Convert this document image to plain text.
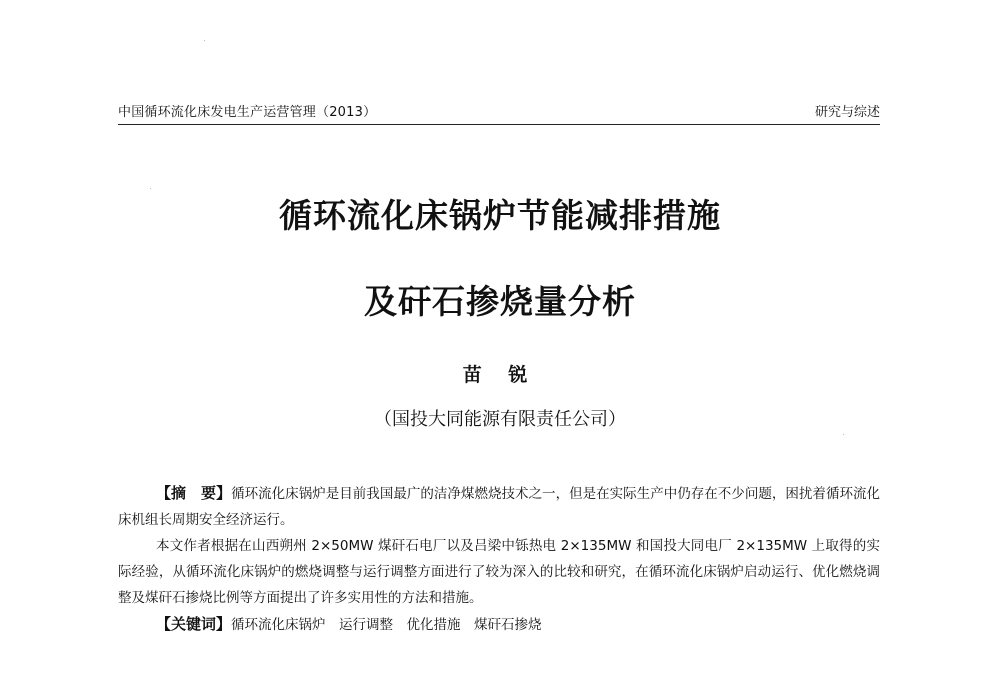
中国循环流化床发电生产运营管理（2013）	研究与综述
循环流化床锅炉节能减排措施
及矸石掺烧量分析
苗 锐
（国投大同能源有限责任公司）

【摘　要】循环流化床锅炉是目前我国最广的洁净煤燃烧技术之一，但是在实际生产中仍存在不少问题，困扰着循环流化床机组长周期安全经济运行。

本文作者根据在山西朔州 2×50MW 煤矸石电厂以及吕梁中铄热电 2×135MW 和国投大同电厂 2×135MW 上取得的实际经验，从循环流化床锅炉的燃烧调整与运行调整方面进行了较为深入的比较和研究，在循环流化床锅炉启动运行、优化燃烧调整及煤矸石掺烧比例等方面提出了许多实用性的方法和措施。

【关键词】循环流化床锅炉　运行调整　优化措施　煤矸石掺烧
